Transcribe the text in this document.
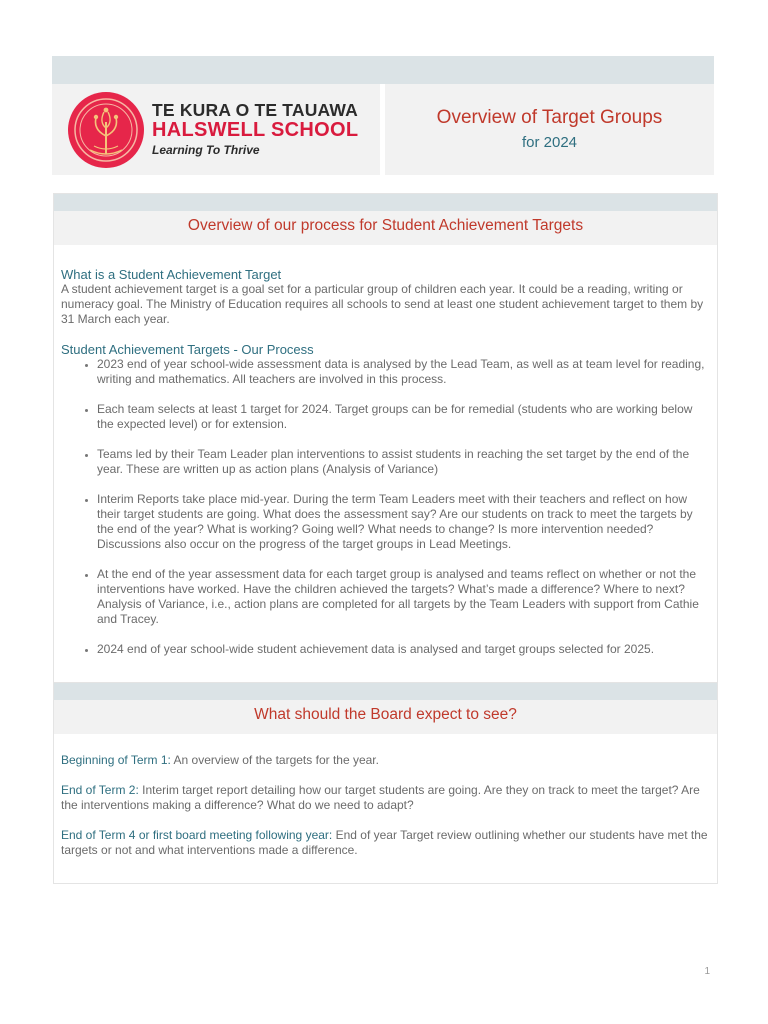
TE KURA O TE TAUAWA
HALSWELL SCHOOL
Learning To Thrive
Overview of Target Groups
for 2024
Overview of our process for Student Achievement Targets

What is a Student Achievement Target

A student achievement target is a goal set for a particular group of children each year. It could be a reading, writing or numeracy goal. The Ministry of Education requires all schools to send at least one student achievement target to them by 31 March each year.

Student Achievement Targets - Our Process

• 2023 end of year school-wide assessment data is analysed by the Lead Team, as well as at team level for reading, writing and mathematics. All teachers are involved in this process.
• Each team selects at least 1 target for 2024. Target groups can be for remedial (students who are working below the expected level) or for extension.
• Teams led by their Team Leader plan interventions to assist students in reaching the set target by the end of the year. These are written up as action plans (Analysis of Variance)
• Interim Reports take place mid-year. During the term Team Leaders meet with their teachers and reflect on how their target students are going. What does the assessment say? Are our students on track to meet the targets by the end of the year? What is working? Going well? What needs to change? Is more intervention needed? Discussions also occur on the progress of the target groups in Lead Meetings.
• At the end of the year assessment data for each target group is analysed and teams reflect on whether or not the interventions have worked. Have the children achieved the targets? What’s made a difference? Where to next? Analysis of Variance, i.e., action plans are completed for all targets by the Team Leaders with support from Cathie and Tracey.
• 2024 end of year school-wide student achievement data is analysed and target groups selected for 2025.
What should the Board expect to see?

Beginning of Term 1: An overview of the targets for the year.

End of Term 2: Interim target report detailing how our target students are going. Are they on track to meet the target? Are the interventions making a difference? What do we need to adapt?

End of Term 4 or first board meeting following year: End of year Target review outlining whether our students have met the targets or not and what interventions made a difference.

1
